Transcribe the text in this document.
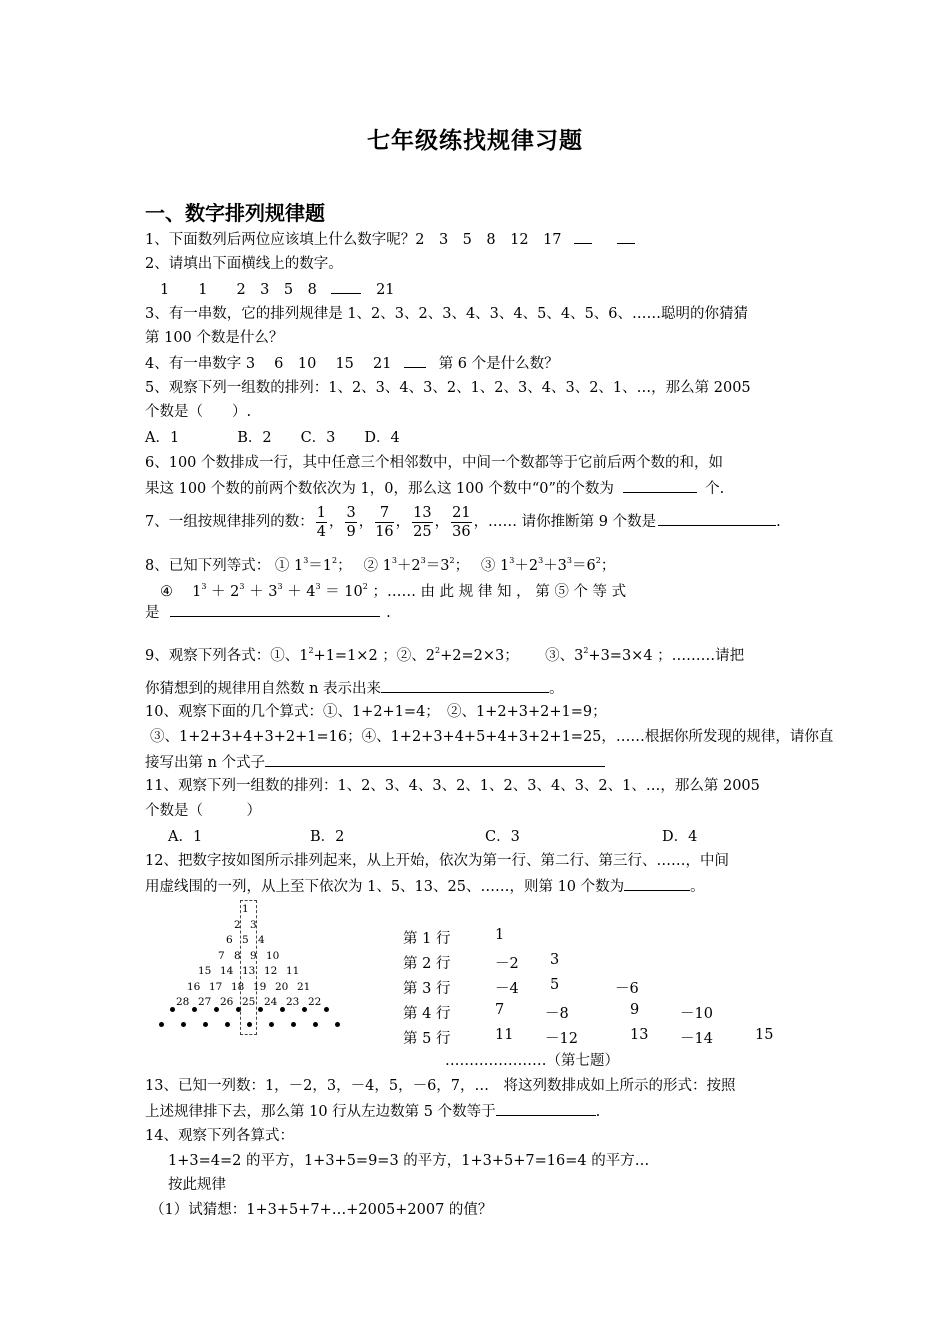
七年级练找规律习题
一、数字排列规律题
1、下面数列后两位应该填上什么数字呢？2　3　5　8　12　17
2、请填出下面横线上的数字。
1　　1　　2　3　5　8	21
3、有一串数，它的排列规律是 1、2、3、2、3、4、3、4、5、4、5、6、……聪明的你猜猜
第 100 个数是什么？
4、有一串数字 3　 6　10　 15　 21	第 6 个是什么数？
5、观察下列一组数的排列：1、2、3、4、3、2、1、2、3、4、3、2、1、…，那么第 2005
个数是（　　）.
A．1　　　　B．2　　C．3　　D．4
6、100 个数排成一行，其中任意三个相邻数中，中间一个数都等于它前后两个数的和，如
果这 100 个数的前两个数依次为 1，0，那么这 100 个数中“0”的个数为	个.
7、一组按规律排列的数： $\frac{1}{4}$ ， $\frac{3}{9}$ ， $\frac{7}{16}$ ， $\frac{13}{25}$ ， $\frac{21}{36}$ ，…… 请你推断第 9 个数是	.
8、已知下列等式： ① $1^3=1^2$；　 ② $1^3+2^3=3^2$；　 ③ $1^3+2^3+3^3=6^2$；
④　 $1^3 + 2^3 + 3^3 + 4^3 = 10^2$ ；…… 由 此 规 律 知 ， 第 ⑤ 个 等 式
是	.
9、观察下列各式：①、$1^2+1=1\times 2$ ；②、$2^2+2=2\times 3$；　　 ③、$3^2+3=3\times 4$ ；………请把
你猜想到的规律用自然数 n 表示出来	。
10、观察下面的几个算式：①、1+2+1=4；　②、1+2+3+2+1=9；
③、1+2+3+4+3+2+1=16；④、1+2+3+4+5+4+3+2+1=25，……根据你所发现的规律，请你直
接写出第 n 个式子
11、观察下列一组数的排列：1、2、3、4、3、2、1、2、3、4、3、2、1、…，那么第 2005
个数是（　　　）
A．1	B．2	C．3	D．4
12、把数字按如图所示排列起来，从上开始，依次为第一行、第二行、第三行、……，中间
用虚线围的一列，从上至下依次为 1、5、13、25、……，则第 10 个数为	。
1
2 3
6 5 4
7 8 9 10
15 14 13 12 11
16 17 18 19 20 21
28 27 26 25 24 23 22
第 1 行	1
第 2 行	－2 3
第 3 行	－4 5	－6
第 4 行	7	－8	9	－10
第 5 行	11 －12	13 －14	15
…………………（第七题）
13、已知一列数：1，－2，3，－4，5，－6，7，…　将这列数排成如上所示的形式：按照
上述规律排下去，那么第 10 行从左边数第 5 个数等于	.
14、观察下列各算式：
1+3=4=2 的平方，1+3+5=9=3 的平方，1+3+5+7=16=4 的平方…
按此规律
（1）试猜想：1+3+5+7+…+2005+2007 的值？
